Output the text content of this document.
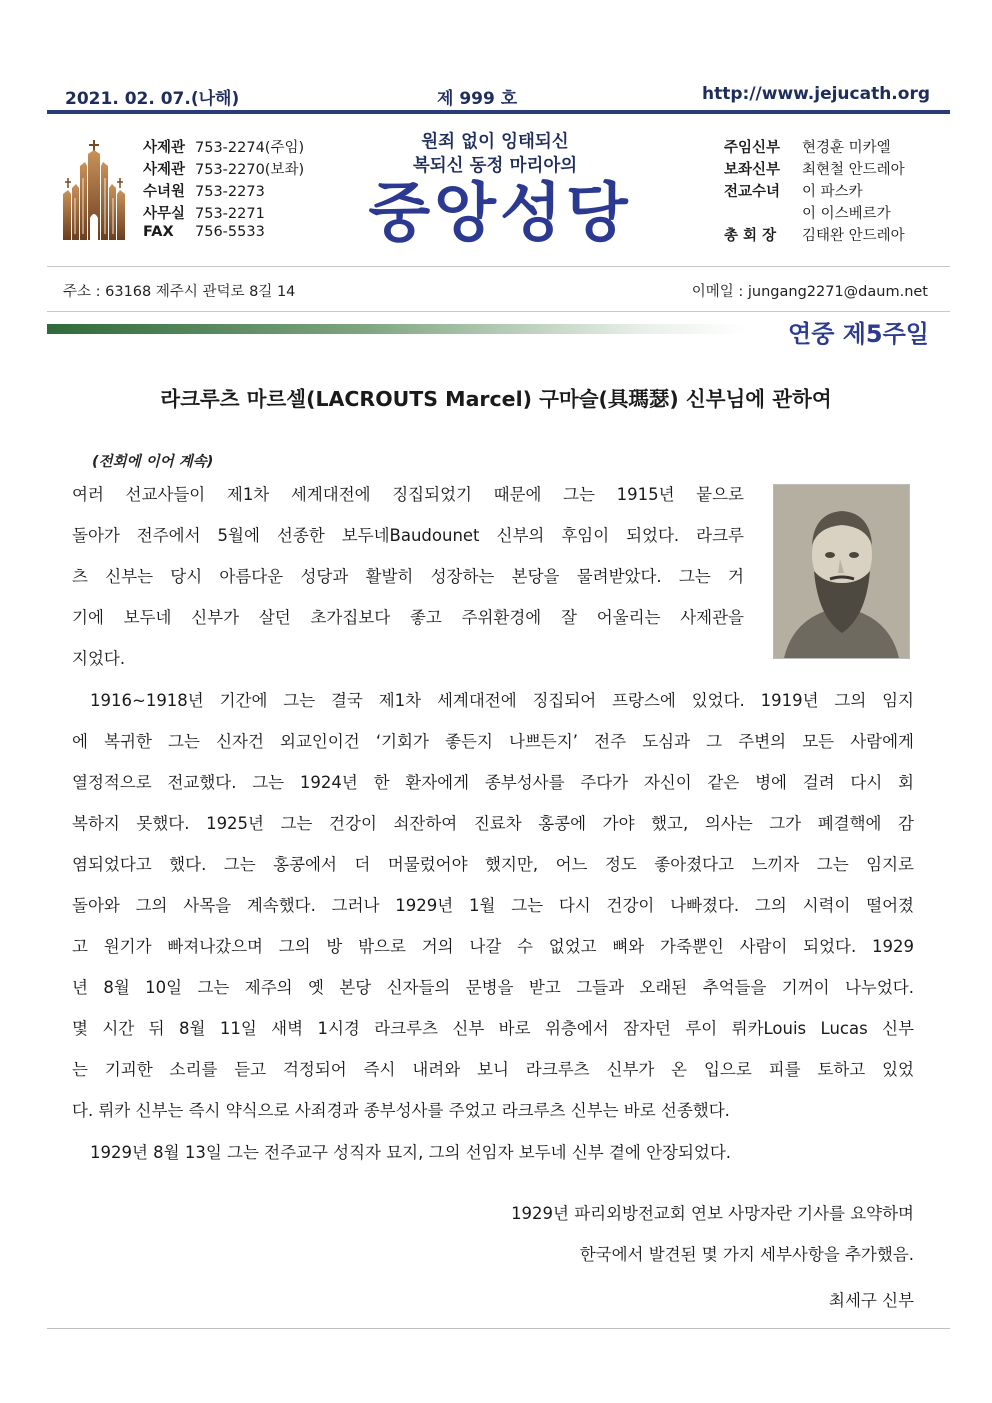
2021. 02. 07.(나해)	제 999 호	http://www.jejucath.org
사제관 753-2274(주임)
사제관 753-2270(보좌)
수녀원 753-2273
사무실 753-2271
FAX 756-5533
원죄 없이 잉태되신
복되신 동정 마리아의
중앙성당
주임신부 현경훈 미카엘
보좌신부 최현철 안드레아
전교수녀 이 파스카
이 이스베르가
총 회 장 김태완 안드레아
주소 : 63168 제주시 관덕로 8길 14	이메일 : jungang2271@daum.net
연중 제5주일
라크루츠 마르셀(LACROUTS Marcel) 구마슬(具瑪瑟) 신부님에 관하여
(전회에 이어 계속)
여러 선교사들이 제1차 세계대전에 징집되었기 때문에 그는 1915년 뭍으로
돌아가 전주에서 5월에 선종한 보두네Baudounet 신부의 후임이 되었다. 라크루
츠 신부는 당시 아름다운 성당과 활발히 성장하는 본당을 물려받았다. 그는 거
기에 보두네 신부가 살던 초가집보다 좋고 주위환경에 잘 어울리는 사제관을
지었다.
1916~1918년 기간에 그는 결국 제1차 세계대전에 징집되어 프랑스에 있었다. 1919년 그의 임지
에 복귀한 그는 신자건 외교인이건 ‘기회가 좋든지 나쁘든지’ 전주 도심과 그 주변의 모든 사람에게
열정적으로 전교했다. 그는 1924년 한 환자에게 종부성사를 주다가 자신이 같은 병에 걸려 다시 회
복하지 못했다. 1925년 그는 건강이 쇠잔하여 진료차 홍콩에 가야 했고, 의사는 그가 폐결핵에 감
염되었다고 했다. 그는 홍콩에서 더 머물렀어야 했지만, 어느 정도 좋아졌다고 느끼자 그는 임지로
돌아와 그의 사목을 계속했다. 그러나 1929년 1월 그는 다시 건강이 나빠졌다. 그의 시력이 떨어졌
고 원기가 빠져나갔으며 그의 방 밖으로 거의 나갈 수 없었고 뼈와 가죽뿐인 사람이 되었다. 1929
년 8월 10일 그는 제주의 옛 본당 신자들의 문병을 받고 그들과 오래된 추억들을 기꺼이 나누었다.
몇 시간 뒤 8월 11일 새벽 1시경 라크루츠 신부 바로 위층에서 잠자던 루이 뤼카Louis Lucas 신부
는 기괴한 소리를 듣고 걱정되어 즉시 내려와 보니 라크루츠 신부가 온 입으로 피를 토하고 있었
다. 뤼카 신부는 즉시 약식으로 사죄경과 종부성사를 주었고 라크루츠 신부는 바로 선종했다.
1929년 8월 13일 그는 전주교구 성직자 묘지, 그의 선임자 보두네 신부 곁에 안장되었다.
1929년 파리외방전교회 연보 사망자란 기사를 요약하며
한국에서 발견된 몇 가지 세부사항을 추가했음.
최세구 신부
